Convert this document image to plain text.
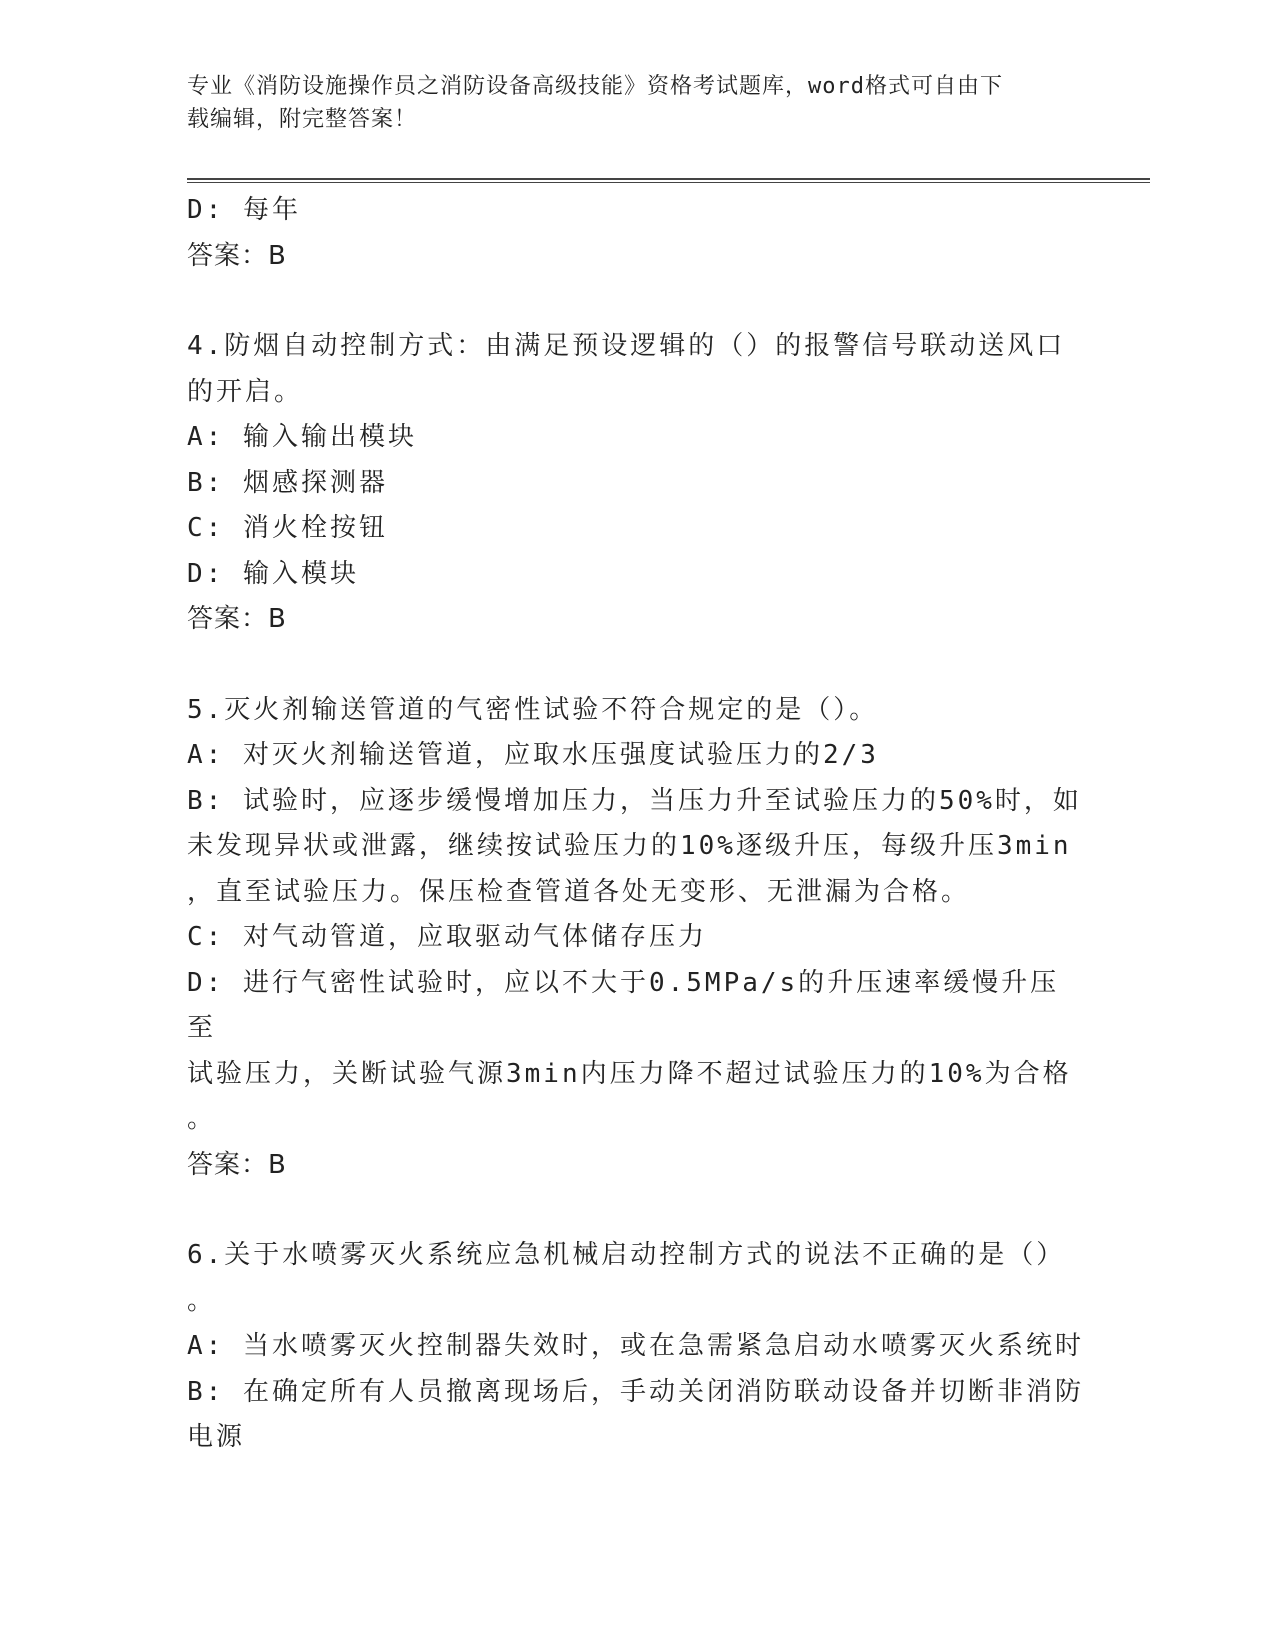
专业《消防设施操作员之消防设备高级技能》资格考试题库，word格式可自由下
载编辑，附完整答案！
D: 每年
答案：B
4.防烟自动控制方式：由满足预设逻辑的（）的报警信号联动送风口
的开启。
A: 输入输出模块
B: 烟感探测器
C: 消火栓按钮
D: 输入模块
答案：B
5.灭火剂输送管道的气密性试验不符合规定的是（）。
A: 对灭火剂输送管道，应取水压强度试验压力的2/3
B: 试验时，应逐步缓慢增加压力，当压力升至试验压力的50%时，如
未发现异状或泄露，继续按试验压力的10%逐级升压，每级升压3min
，直至试验压力。保压检查管道各处无变形、无泄漏为合格。
C: 对气动管道，应取驱动气体储存压力
D: 进行气密性试验时，应以不大于0.5MPa/s的升压速率缓慢升压至
试验压力，关断试验气源3min内压力降不超过试验压力的10%为合格
。
答案：B
6.关于水喷雾灭火系统应急机械启动控制方式的说法不正确的是（）
。
A: 当水喷雾灭火控制器失效时，或在急需紧急启动水喷雾灭火系统时
B: 在确定所有人员撤离现场后，手动关闭消防联动设备并切断非消防
电源
